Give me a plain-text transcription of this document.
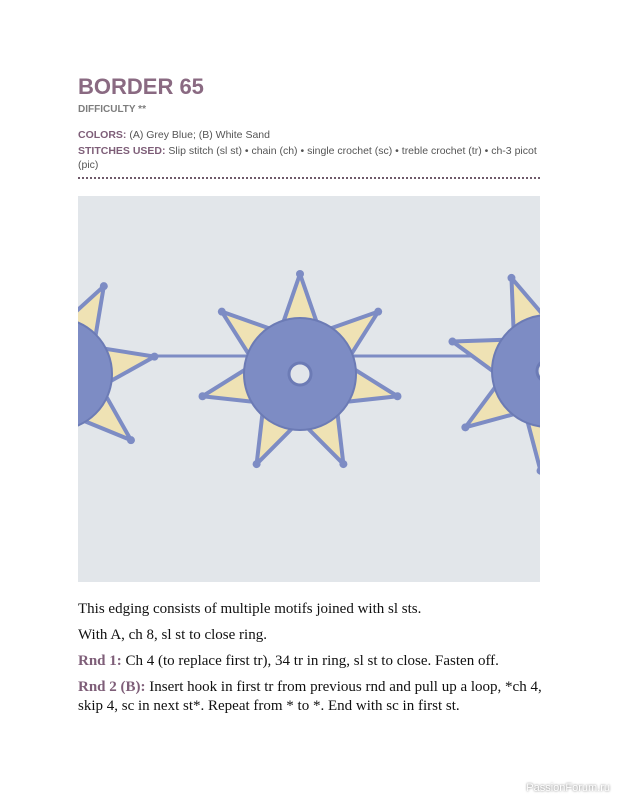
BORDER 65
DIFFICULTY **
COLORS: (A) Grey Blue; (B) White Sand
STITCHES USED: Slip stitch (sl st) • chain (ch) • single crochet (sc) • treble crochet (tr) • ch-3 picot (pic)
This edging consists of multiple motifs joined with sl sts.
With A, ch 8, sl st to close ring.
Rnd 1: Ch 4 (to replace first tr), 34 tr in ring, sl st to close. Fasten off.
Rnd 2 (B): Insert hook in first tr from previous rnd and pull up a loop, *ch 4, skip 4, sc in next st*. Repeat from * to *. End with sc in first st.
PassionForum.ru
